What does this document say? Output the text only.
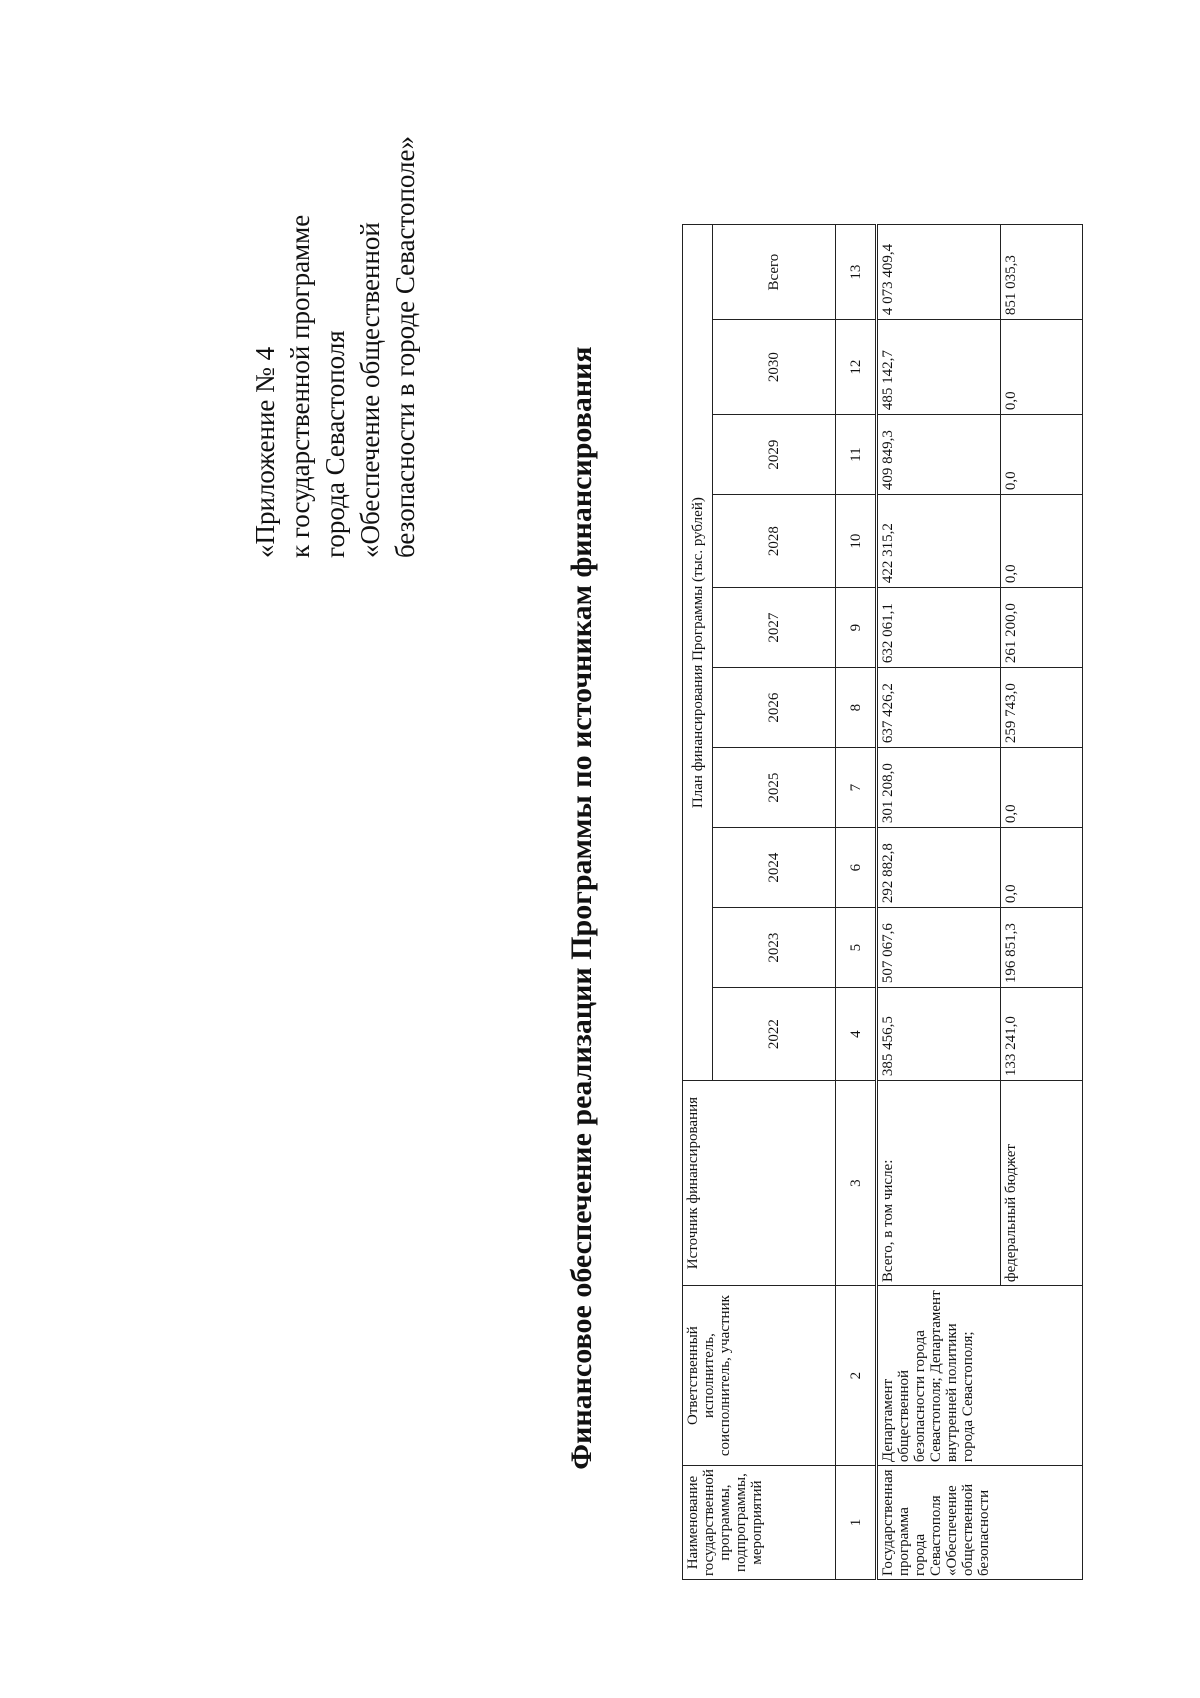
«Приложение № 4 к государственной программе города Севастополя «Обеспечение общественной безопасности в городе Севастополе»	Финансовое обеспечение реализации Программы по источникам финансирования
Наименование государственной программы, подпрограммы, мероприятий	Ответственный исполнитель, соисполнитель, участник	Источник финансирования	План финансирования Программы (тыс. рублей)									
			2022	2023	2024	2025	2026	2027	2028	2029	2030	Всего
1	2	3	4	5	6	7	8	9	10	11	12	13
Государственная программа города Севастополя «Обеспечение общественной безопасности	Департамент общественной безопасности города Севастополя; Департамент внутренней политики города Севастополя;	Всего, в том числе:	385 456,5	507 067,6	292 882,8	301 208,0	637 426,2	632 061,1	422 315,2	409 849,3	485 142,7	4 073 409,4
		федеральный бюджет	133 241,0	196 851,3	0,0	0,0	259 743,0	261 200,0	0,0	0,0	0,0	851 035,3
